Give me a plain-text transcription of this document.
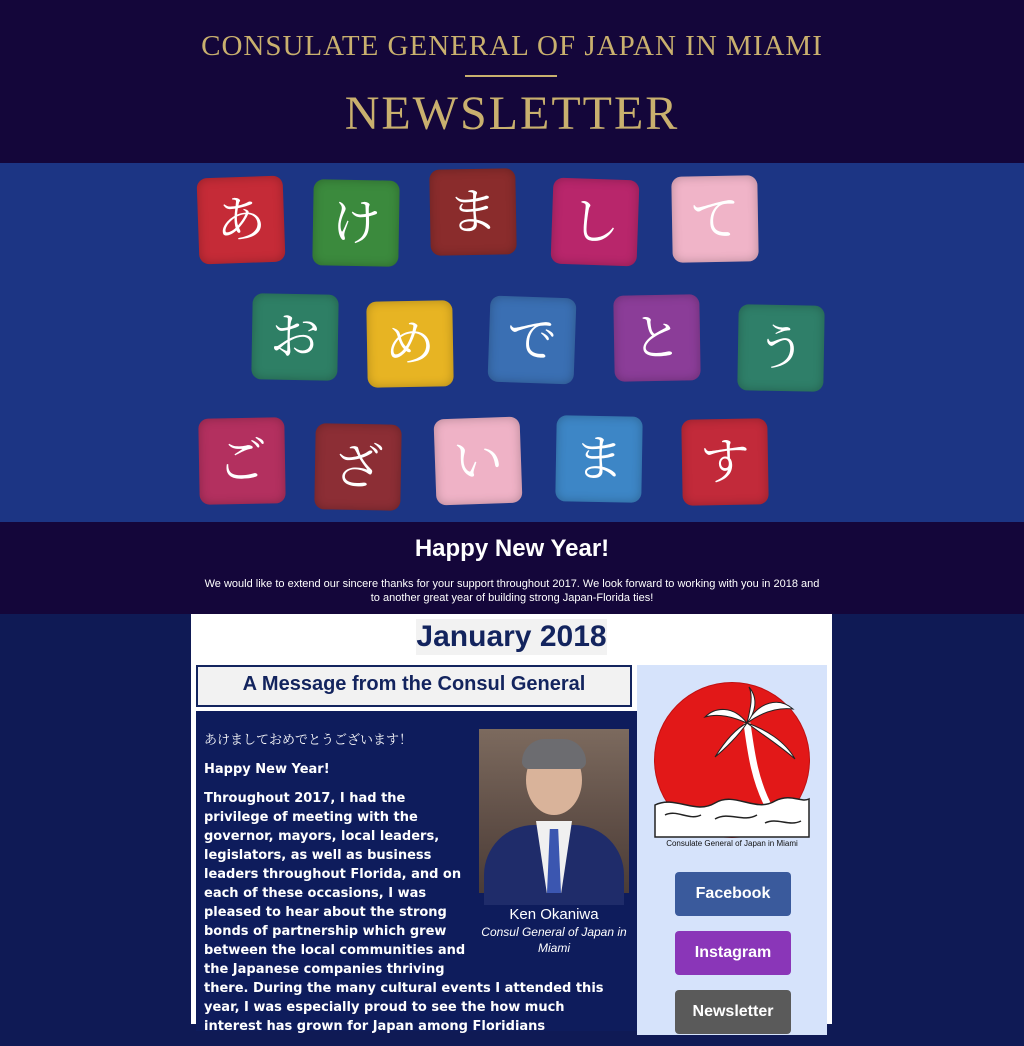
CONSULATE GENERAL OF JAPAN IN MIAMI
NEWSLETTER
あ け ま し て
お め で と う
ご ざ い ま す
Happy New Year!

We would like to extend our sincere thanks for your support throughout 2017. We look forward to working with you in 2018 and to another great year of building strong Japan-Florida ties!

January 2018
A Message from the Consul General
Ken Okaniwa
Consul General of Japan in Miami

あけましておめでとうございます！

Happy New Year!

Throughout 2017, I had the privilege of meeting with the governor, mayors, local leaders, legislators, as well as business leaders throughout Florida, and on each of these occasions, I was pleased to hear about the strong bonds of partnership which grew between the local communities and the Japanese companies thriving there. During the many cultural events I attended this year, I was especially proud to see the how much interest has grown for Japan among Floridians

Consulate General of Japan in Miami
Facebook
Instagram
Newsletter
